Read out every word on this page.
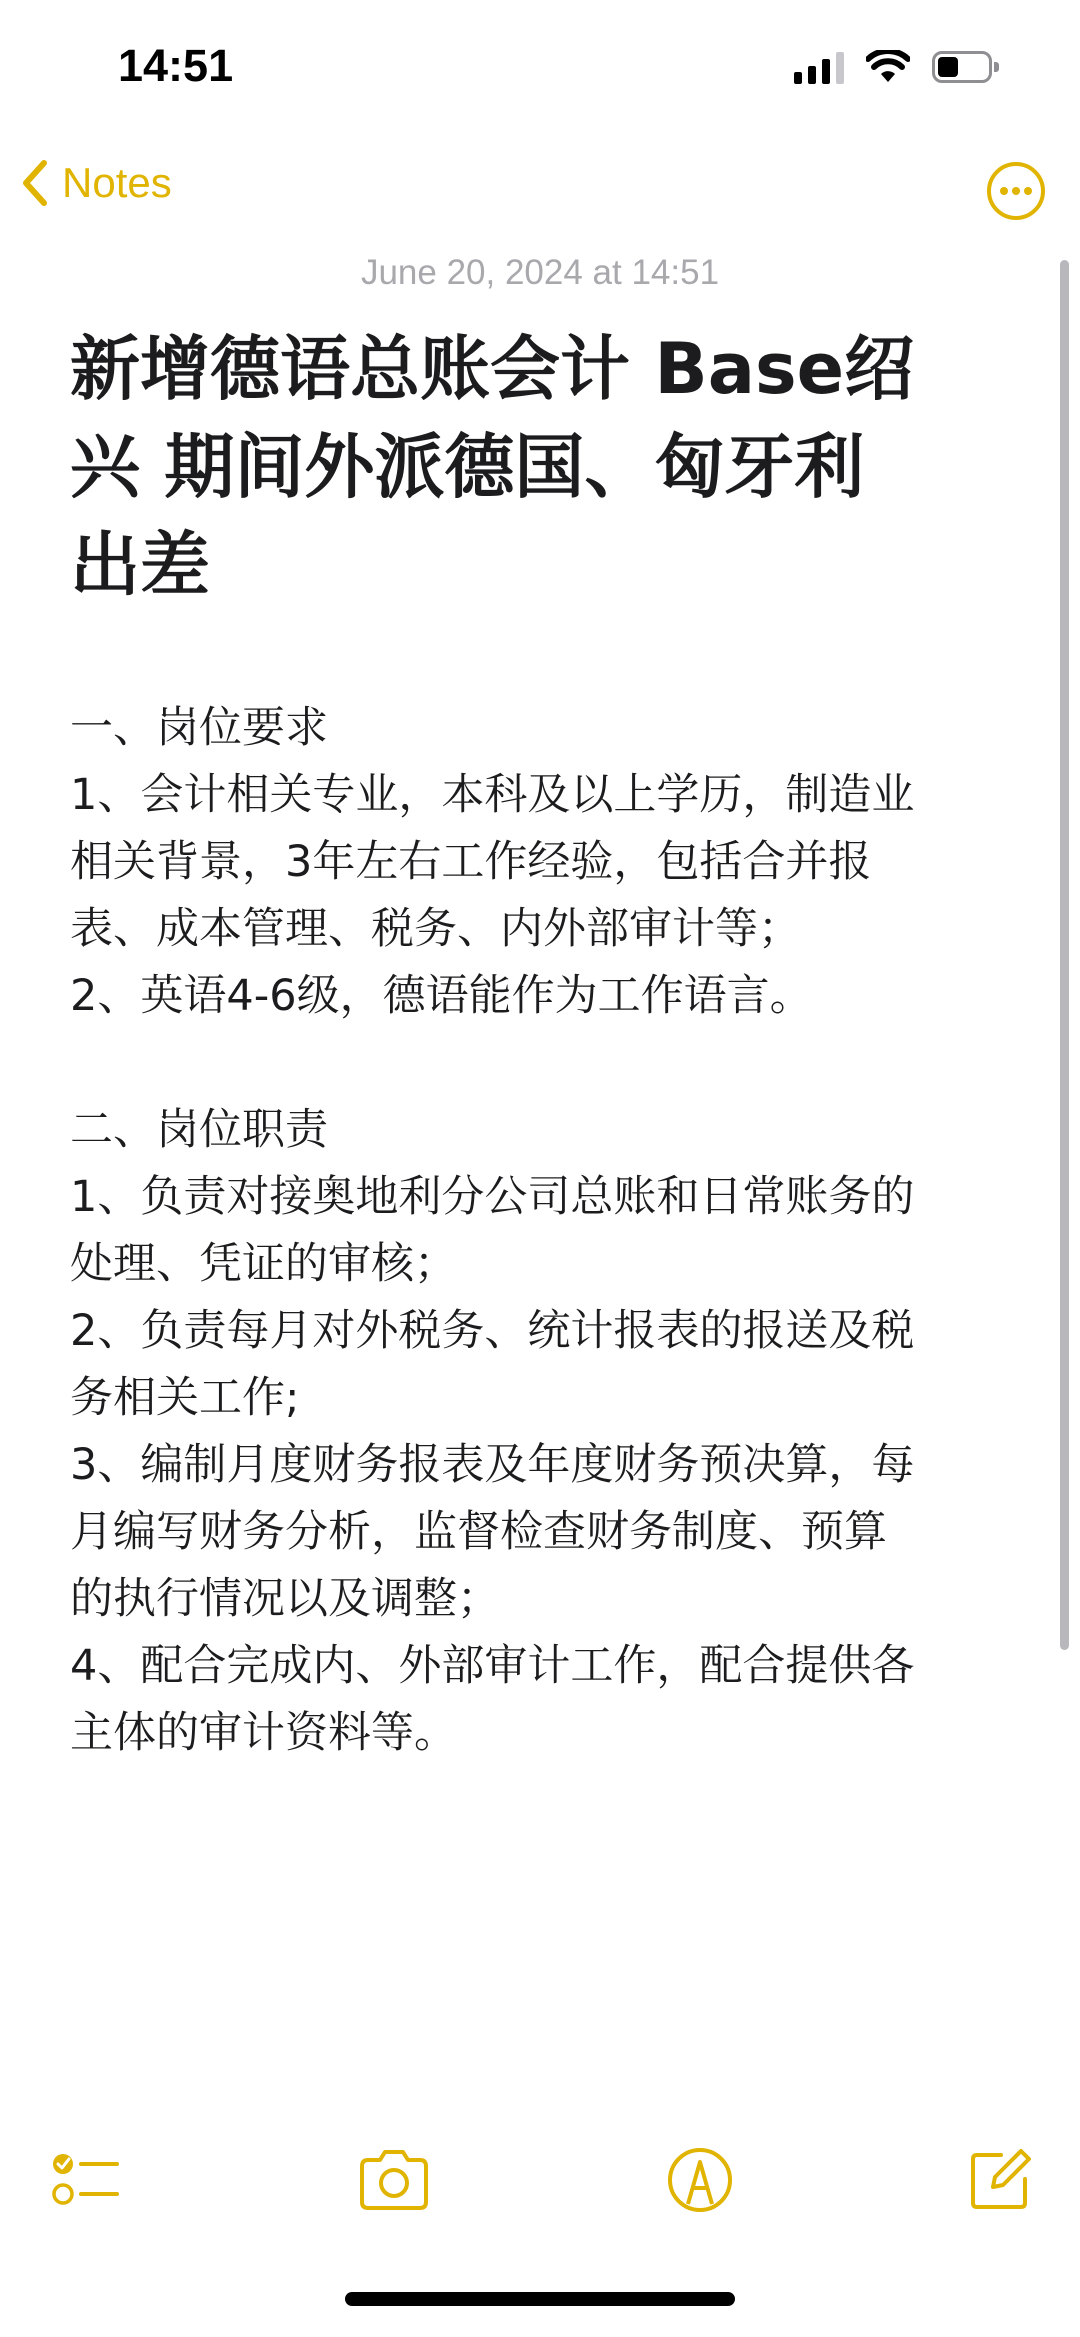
14:51
Notes
June 20, 2024 at 14:51
新增德语总账会计 Base绍
兴 期间外派德国、匈牙利
出差
一、岗位要求
1、会计相关专业，本科及以上学历，制造业
相关背景，3年左右工作经验，包括合并报
表、成本管理、税务、内外部审计等；
2、英语4-6级，德语能作为工作语言。
二、岗位职责
1、负责对接奥地利分公司总账和日常账务的
处理、凭证的审核；
2、负责每月对外税务、统计报表的报送及税
务相关工作;
3、编制月度财务报表及年度财务预决算，每
月编写财务分析，监督检查财务制度、预算
的执行情况以及调整；
4、配合完成内、外部审计工作，配合提供各
主体的审计资料等。
